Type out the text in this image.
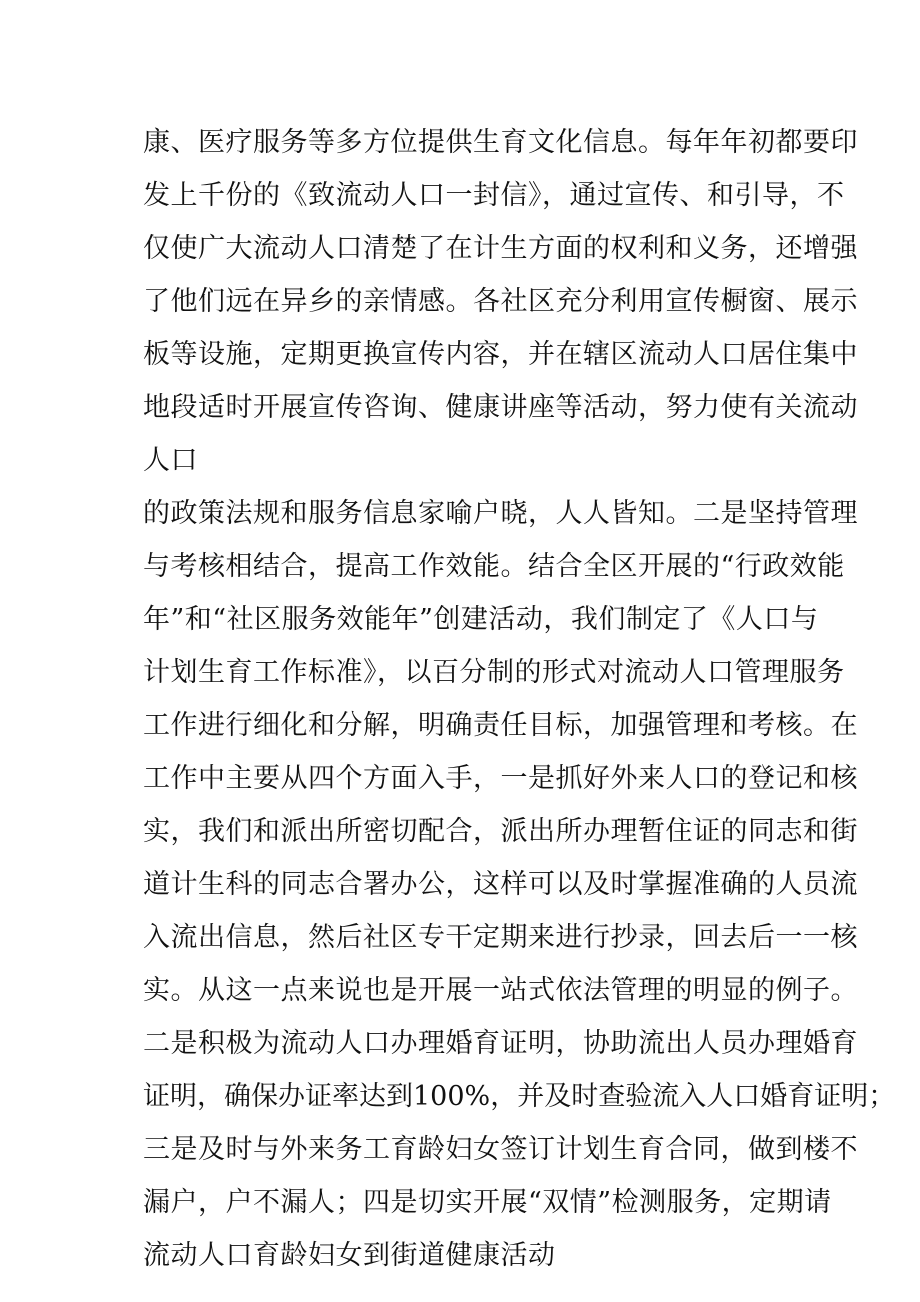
康、医疗服务等多方位提供生育文化信息。每年年初都要印
发上千份的《致流动人口一封信》，通过宣传、和引导，不
仅使广大流动人口清楚了在计生方面的权利和义务，还增强
了他们远在异乡的亲情感。各社区充分利用宣传橱窗、展示
板等设施，定期更换宣传内容，并在辖区流动人口居住集中
地段适时开展宣传咨询、健康讲座等活动，努力使有关流动
人口
的政策法规和服务信息家喻户晓，人人皆知。二是坚持管理
与考核相结合，提高工作效能。结合全区开展的“行政效能
年”和“社区服务效能年”创建活动，我们制定了《人口与
计划生育工作标准》，以百分制的形式对流动人口管理服务
工作进行细化和分解，明确责任目标，加强管理和考核。在
工作中主要从四个方面入手，一是抓好外来人口的登记和核
实，我们和派出所密切配合，派出所办理暂住证的同志和街
道计生科的同志合署办公，这样可以及时掌握准确的人员流
入流出信息，然后社区专干定期来进行抄录，回去后一一核
实。从这一点来说也是开展一站式依法管理的明显的例子。
二是积极为流动人口办理婚育证明，协助流出人员办理婚育
证明，确保办证率达到100%，并及时查验流入人口婚育证明；
三是及时与外来务工育龄妇女签订计划生育合同，做到楼不
漏户，户不漏人；四是切实开展“双情”检测服务，定期请
流动人口育龄妇女到街道健康活动
